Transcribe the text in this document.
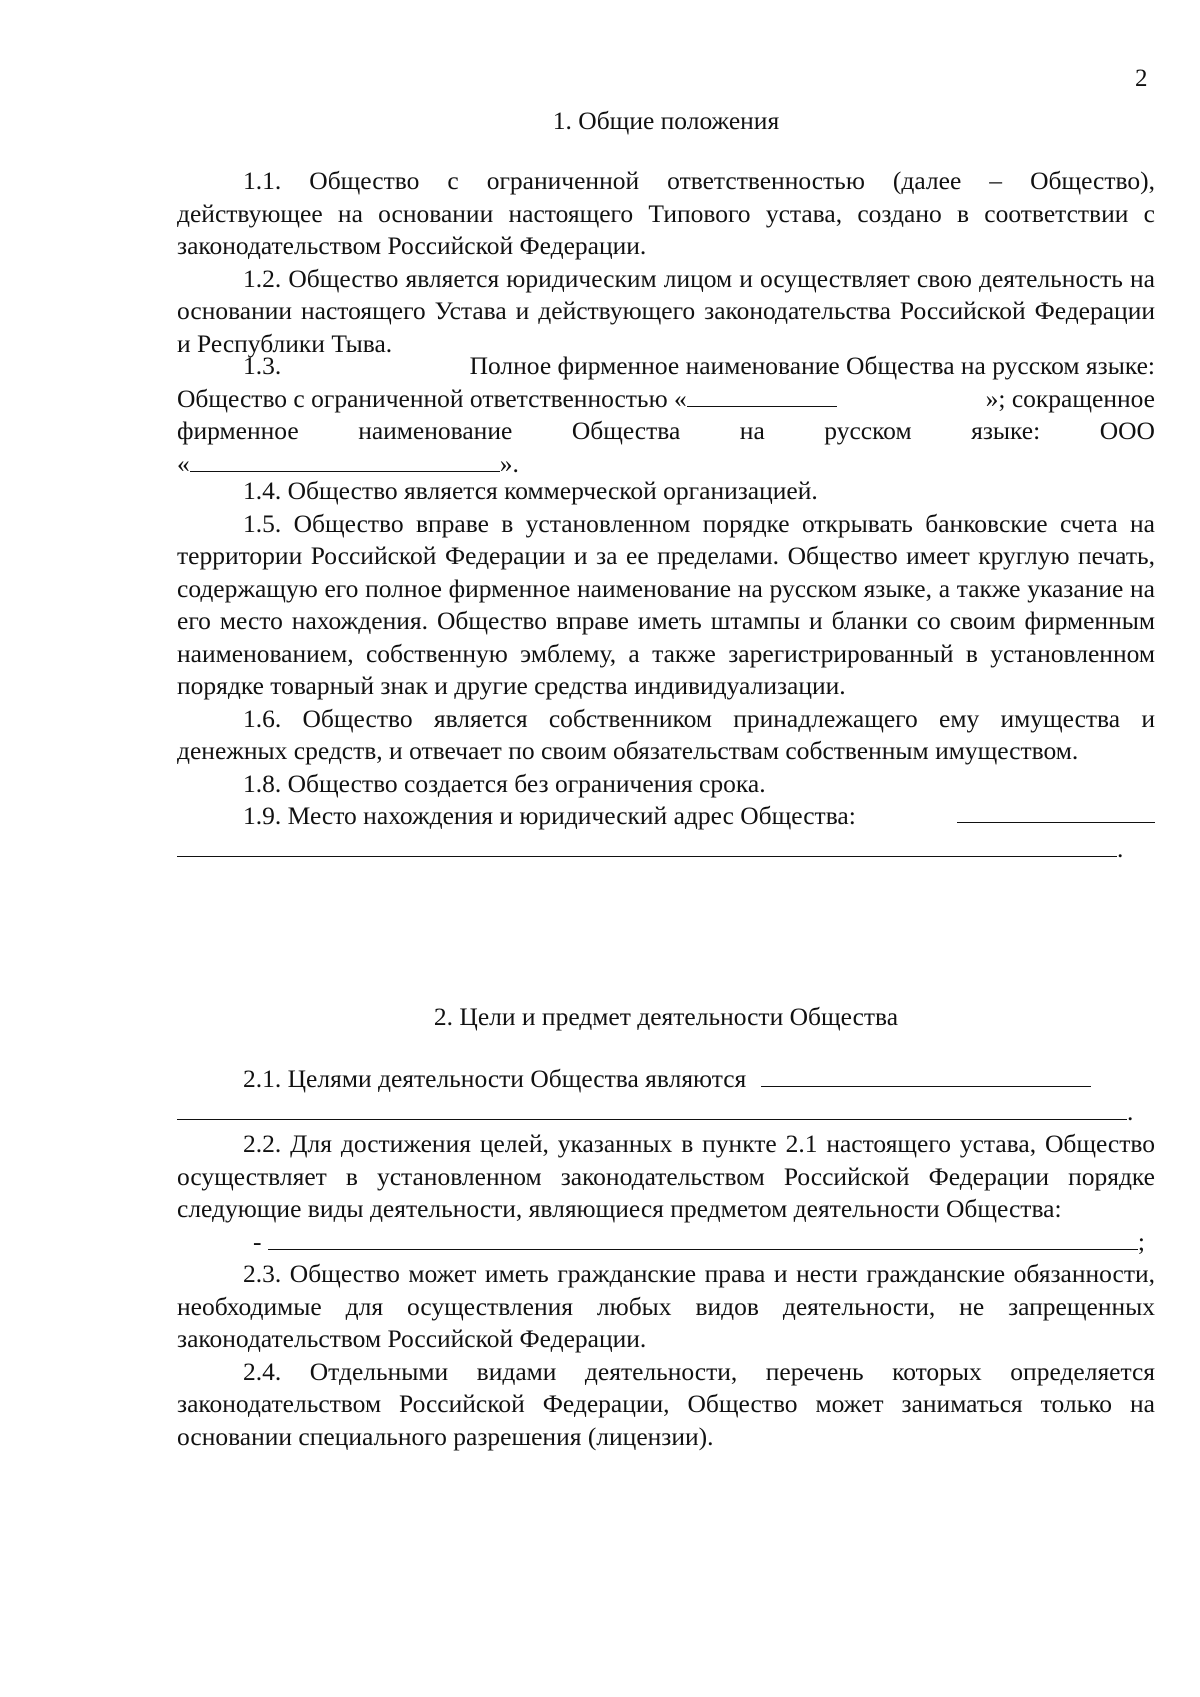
2
1. Общие положения
1.1. Общество с ограниченной ответственностью (далее – Общество), действующее на основании настоящего Типового устава, создано в соответствии с законодательством Российской Федерации.
1.2. Общество является юридическим лицом и осуществляет свою деятельность на основании настоящего Устава и действующего законодательства Российской Федерации и Республики Тыва.
1.3.	Полное фирменное наименование Общества на русском языке:
Общество с ограниченной ответственностью «	»; сокращенное
фирменное наименование Общества на русском языке: ООО
«	».
1.4. Общество является коммерческой организацией.
1.5. Общество вправе в установленном порядке открывать банковские счета на территории Российской Федерации и за ее пределами. Общество имеет круглую печать, содержащую его полное фирменное наименование на русском языке, а также указание на его место нахождения. Общество вправе иметь штампы и бланки со своим фирменным наименованием, собственную эмблему, а также зарегистрированный в установленном порядке товарный знак и другие средства индивидуализации.
1.6. Общество является собственником принадлежащего ему имущества и денежных средств, и отвечает по своим обязательствам собственным имуществом.
1.8. Общество создается без ограничения срока.
1.9. Место нахождения и юридический адрес Общества:
.
2. Цели и предмет деятельности Общества
2.1. Целями деятельности Общества являются
.
2.2. Для достижения целей, указанных в пункте 2.1 настоящего устава, Общество осуществляет в установленном законодательством Российской Федерации порядке следующие виды деятельности, являющиеся предметом деятельности Общества:
-	;
2.3. Общество может иметь гражданские права и нести гражданские обязанности, необходимые для осуществления любых видов деятельности, не запрещенных законодательством Российской Федерации.
2.4. Отдельными видами деятельности, перечень которых определяется законодательством Российской Федерации, Общество может заниматься только на основании специального разрешения (лицензии).
